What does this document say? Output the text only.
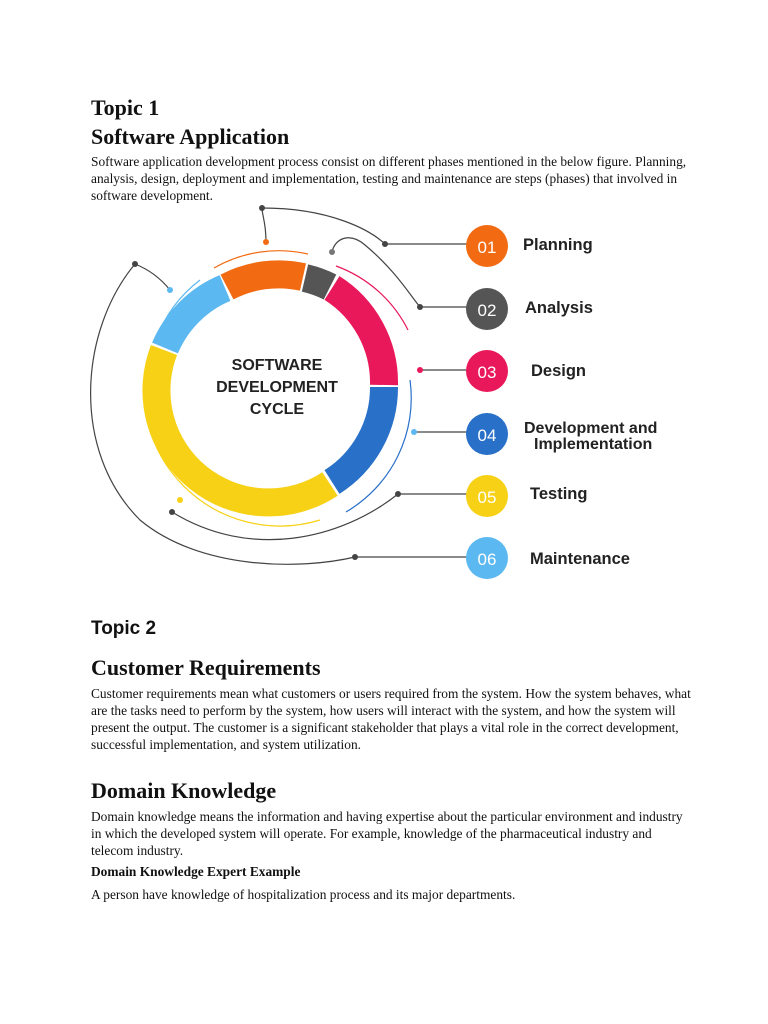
Topic 1
Software Application

Software application development process consist on different phases mentioned in the below figure. Planning, analysis, design, deployment and implementation, testing and maintenance are steps (phases) that involved in software development.

SOFTWARE
DEVELOPMENT
CYCLE
01 Planning
02 Analysis
03 Design
04 Development and
Implementation
05 Testing
06 Maintenance
Topic 2
Customer Requirements

Customer requirements mean what customers or users required from the system. How the system behaves, what are the tasks need to perform by the system, how users will interact with the system, and how the system will present the output. The customer is a significant stakeholder that plays a vital role in the correct development, successful implementation, and system utilization.

Domain Knowledge

Domain knowledge means the information and having expertise about the particular environment and industry in which the developed system will operate. For example, knowledge of the pharmaceutical industry and telecom industry.

Domain Knowledge Expert Example

A person have knowledge of hospitalization process and its major departments.
